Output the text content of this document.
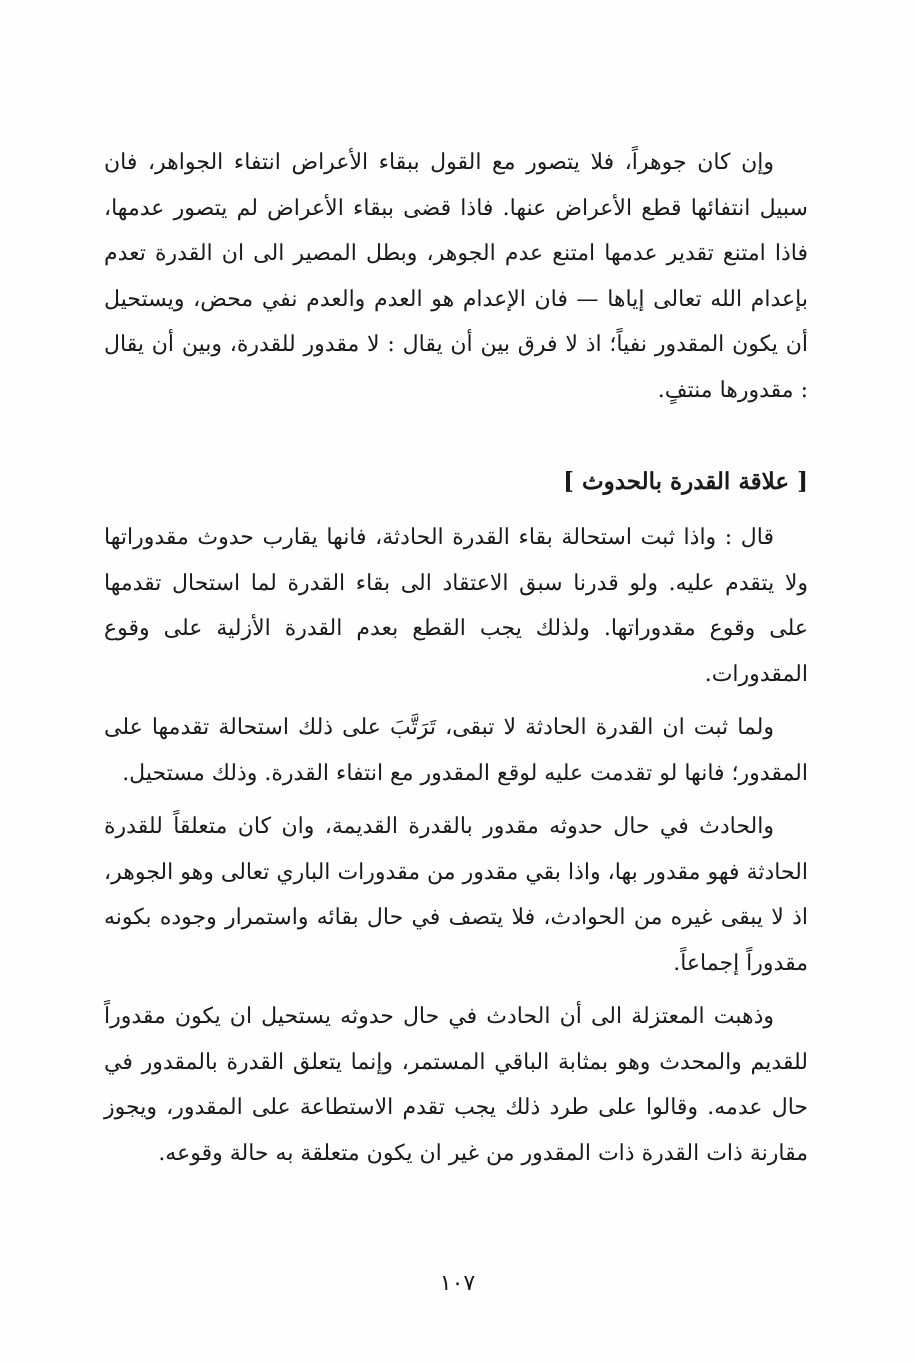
وإن كان جوهراً، فلا يتصور مع القول ببقاء الأعراض انتفاء الجواهر، فان سبيل انتفائها قطع الأعراض عنها. فاذا قضى ببقاء الأعراض لم يتصور عدمها، فاذا امتنع تقدير عدمها امتنع عدم الجوهر، وبطل المصير الى ان القدرة تعدم بإعدام الله تعالى إياها — فان الإعدام هو العدم والعدم نفي محض، ويستحيل أن يكون المقدور نفياً؛ اذ لا فرق بين أن يقال : لا مقدور للقدرة، وبين أن يقال : مقدورها منتفٍ.

[ علاقة القدرة بالحدوث ]

قال : واذا ثبت استحالة بقاء القدرة الحادثة، فانها يقارب حدوث مقدوراتها ولا يتقدم عليه. ولو قدرنا سبق الاعتقاد الى بقاء القدرة لما استحال تقدمها على وقوع مقدوراتها. ولذلك يجب القطع بعدم القدرة الأزلية على وقوع المقدورات.

ولما ثبت ان القدرة الحادثة لا تبقى، تَرَتَّبَ على ذلك استحالة تقدمها على المقدور؛ فانها لو تقدمت عليه لوقع المقدور مع انتفاء القدرة. وذلك مستحيل.

والحادث في حال حدوثه مقدور بالقدرة القديمة، وان كان متعلقاً للقدرة الحادثة فهو مقدور بها، واذا بقي مقدور من مقدورات الباري تعالى وهو الجوهر، اذ لا يبقى غيره من الحوادث، فلا يتصف في حال بقائه واستمرار وجوده بكونه مقدوراً إجماعاً.

وذهبت المعتزلة الى أن الحادث في حال حدوثه يستحيل ان يكون مقدوراً للقديم والمحدث وهو بمثابة الباقي المستمر، وإنما يتعلق القدرة بالمقدور في حال عدمه. وقالوا على طرد ذلك يجب تقدم الاستطاعة على المقدور، ويجوز مقارنة ذات القدرة ذات المقدور من غير ان يكون متعلقة به حالة وقوعه.

١٠٧
